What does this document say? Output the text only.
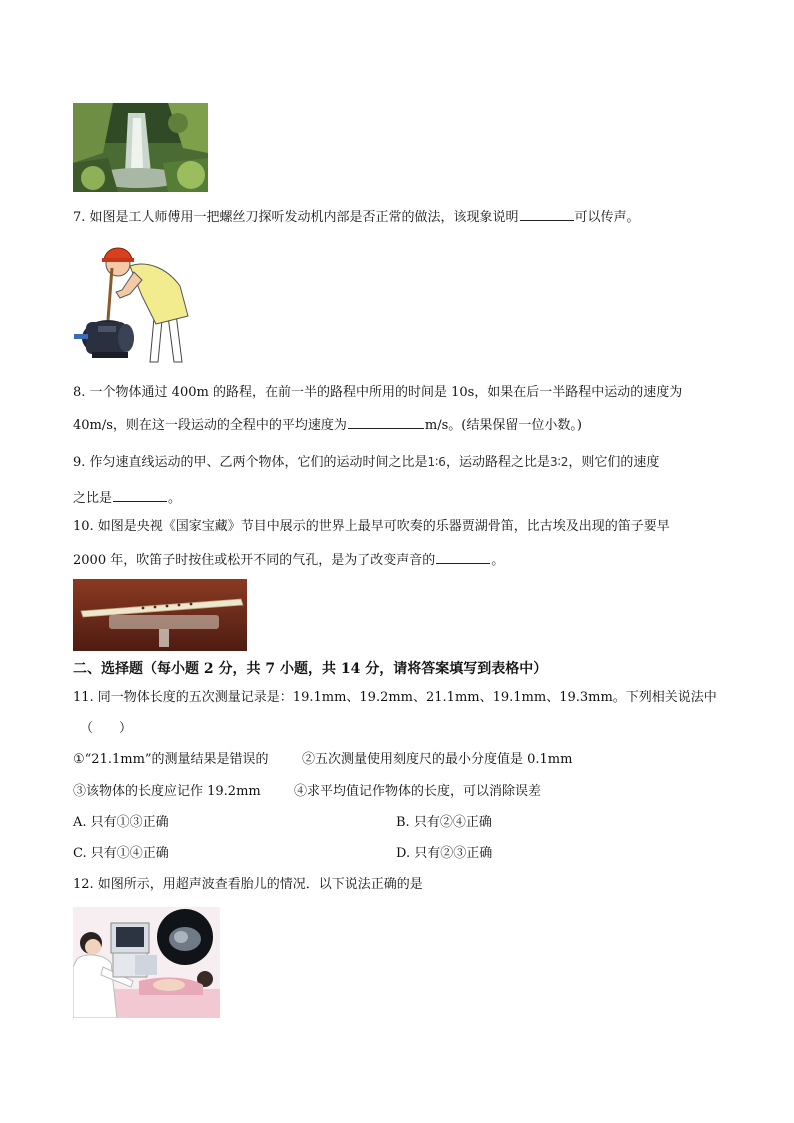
7. 如图是工人师傅用一把螺丝刀探听发动机内部是否正常的做法，该现象说明	可以传声。
8. 一个物体通过 400m 的路程，在前一半的路程中所用的时间是 10s，如果在后一半路程中运动的速度为
40m/s，则在这一段运动的全程中的平均速度为	m/s。(结果保留一位小数。)
9. 作匀速直线运动的甲、乙两个物体，它们的运动时间之比是1∶6，运动路程之比是3∶2，则它们的速度
之比是	。
10. 如图是央视《国家宝藏》节目中展示的世界上最早可吹奏的乐器贾湖骨笛，比古埃及出现的笛子要早
2000 年，吹笛子时按住或松开不同的气孔，是为了改变声音的	。
二、选择题（每小题 2 分，共 7 小题，共 14 分，请将答案填写到表格中）
11. 同一物体长度的五次测量记录是：19.1mm、19.2mm、21.1mm、19.1mm、19.3mm。下列相关说法中
（　　）
①“21.1mm”的测量结果是错误的	②五次测量使用刻度尺的最小分度值是 0.1mm
③该物体的长度应记作 19.2mm	④求平均值记作物体的长度，可以消除误差
A. 只有①③正确	B. 只有②④正确
C. 只有①④正确	D. 只有②③正确
12. 如图所示，用超声波查看胎儿的情况．以下说法正确的是
